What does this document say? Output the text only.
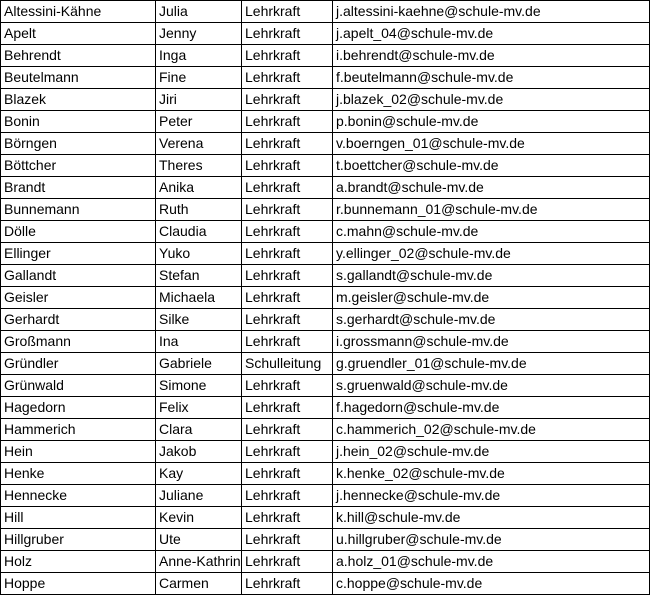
Altessini-Kähne	Julia	Lehrkraft	j.altessini-kaehne@schule-mv.de
Apelt	Jenny	Lehrkraft	j.apelt_04@schule-mv.de
Behrendt	Inga	Lehrkraft	i.behrendt@schule-mv.de
Beutelmann	Fine	Lehrkraft	f.beutelmann@schule-mv.de
Blazek	Jiri	Lehrkraft	j.blazek_02@schule-mv.de
Bonin	Peter	Lehrkraft	p.bonin@schule-mv.de
Börngen	Verena	Lehrkraft	v.boerngen_01@schule-mv.de
Böttcher	Theres	Lehrkraft	t.boettcher@schule-mv.de
Brandt	Anika	Lehrkraft	a.brandt@schule-mv.de
Bunnemann	Ruth	Lehrkraft	r.bunnemann_01@schule-mv.de
Dölle	Claudia	Lehrkraft	c.mahn@schule-mv.de
Ellinger	Yuko	Lehrkraft	y.ellinger_02@schule-mv.de
Gallandt	Stefan	Lehrkraft	s.gallandt@schule-mv.de
Geisler	Michaela	Lehrkraft	m.geisler@schule-mv.de
Gerhardt	Silke	Lehrkraft	s.gerhardt@schule-mv.de
Großmann	Ina	Lehrkraft	i.grossmann@schule-mv.de
Gründler	Gabriele	Schulleitung	g.gruendler_01@schule-mv.de
Grünwald	Simone	Lehrkraft	s.gruenwald@schule-mv.de
Hagedorn	Felix	Lehrkraft	f.hagedorn@schule-mv.de
Hammerich	Clara	Lehrkraft	c.hammerich_02@schule-mv.de
Hein	Jakob	Lehrkraft	j.hein_02@schule-mv.de
Henke	Kay	Lehrkraft	k.henke_02@schule-mv.de
Hennecke	Juliane	Lehrkraft	j.hennecke@schule-mv.de
Hill	Kevin	Lehrkraft	k.hill@schule-mv.de
Hillgruber	Ute	Lehrkraft	u.hillgruber@schule-mv.de
Holz	Anne-Kathrin	Lehrkraft	a.holz_01@schule-mv.de
Hoppe	Carmen	Lehrkraft	c.hoppe@schule-mv.de
